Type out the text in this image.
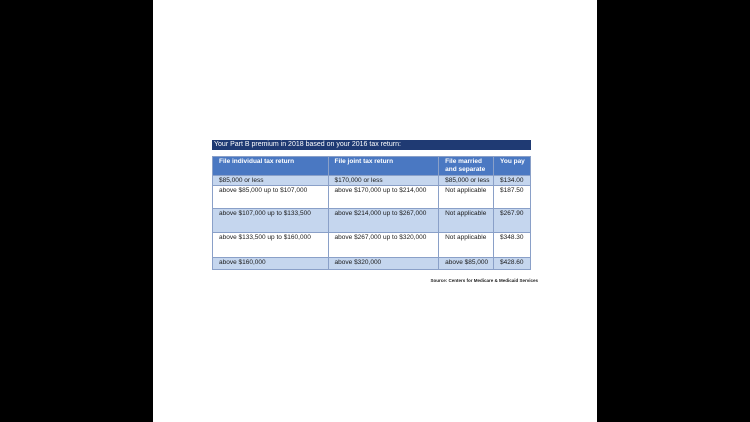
Your Part B premium in 2018 based on your 2016 tax return:
File individual tax return	File joint tax return	File married and separate	You pay
$85,000 or less	$170,000 or less	$85,000 or less	$134.00
above $85,000 up to $107,000	above $170,000 up to $214,000	Not applicable	$187.50
above $107,000 up to $133,500	above $214,000 up to $267,000	Not applicable	$267.90
above $133,500 up to $160,000	above $267,000 up to $320,000	Not applicable	$348.30
above $160,000	above $320,000	above $85,000	$428.60
Source: Centers for Medicare & Medicaid Services
